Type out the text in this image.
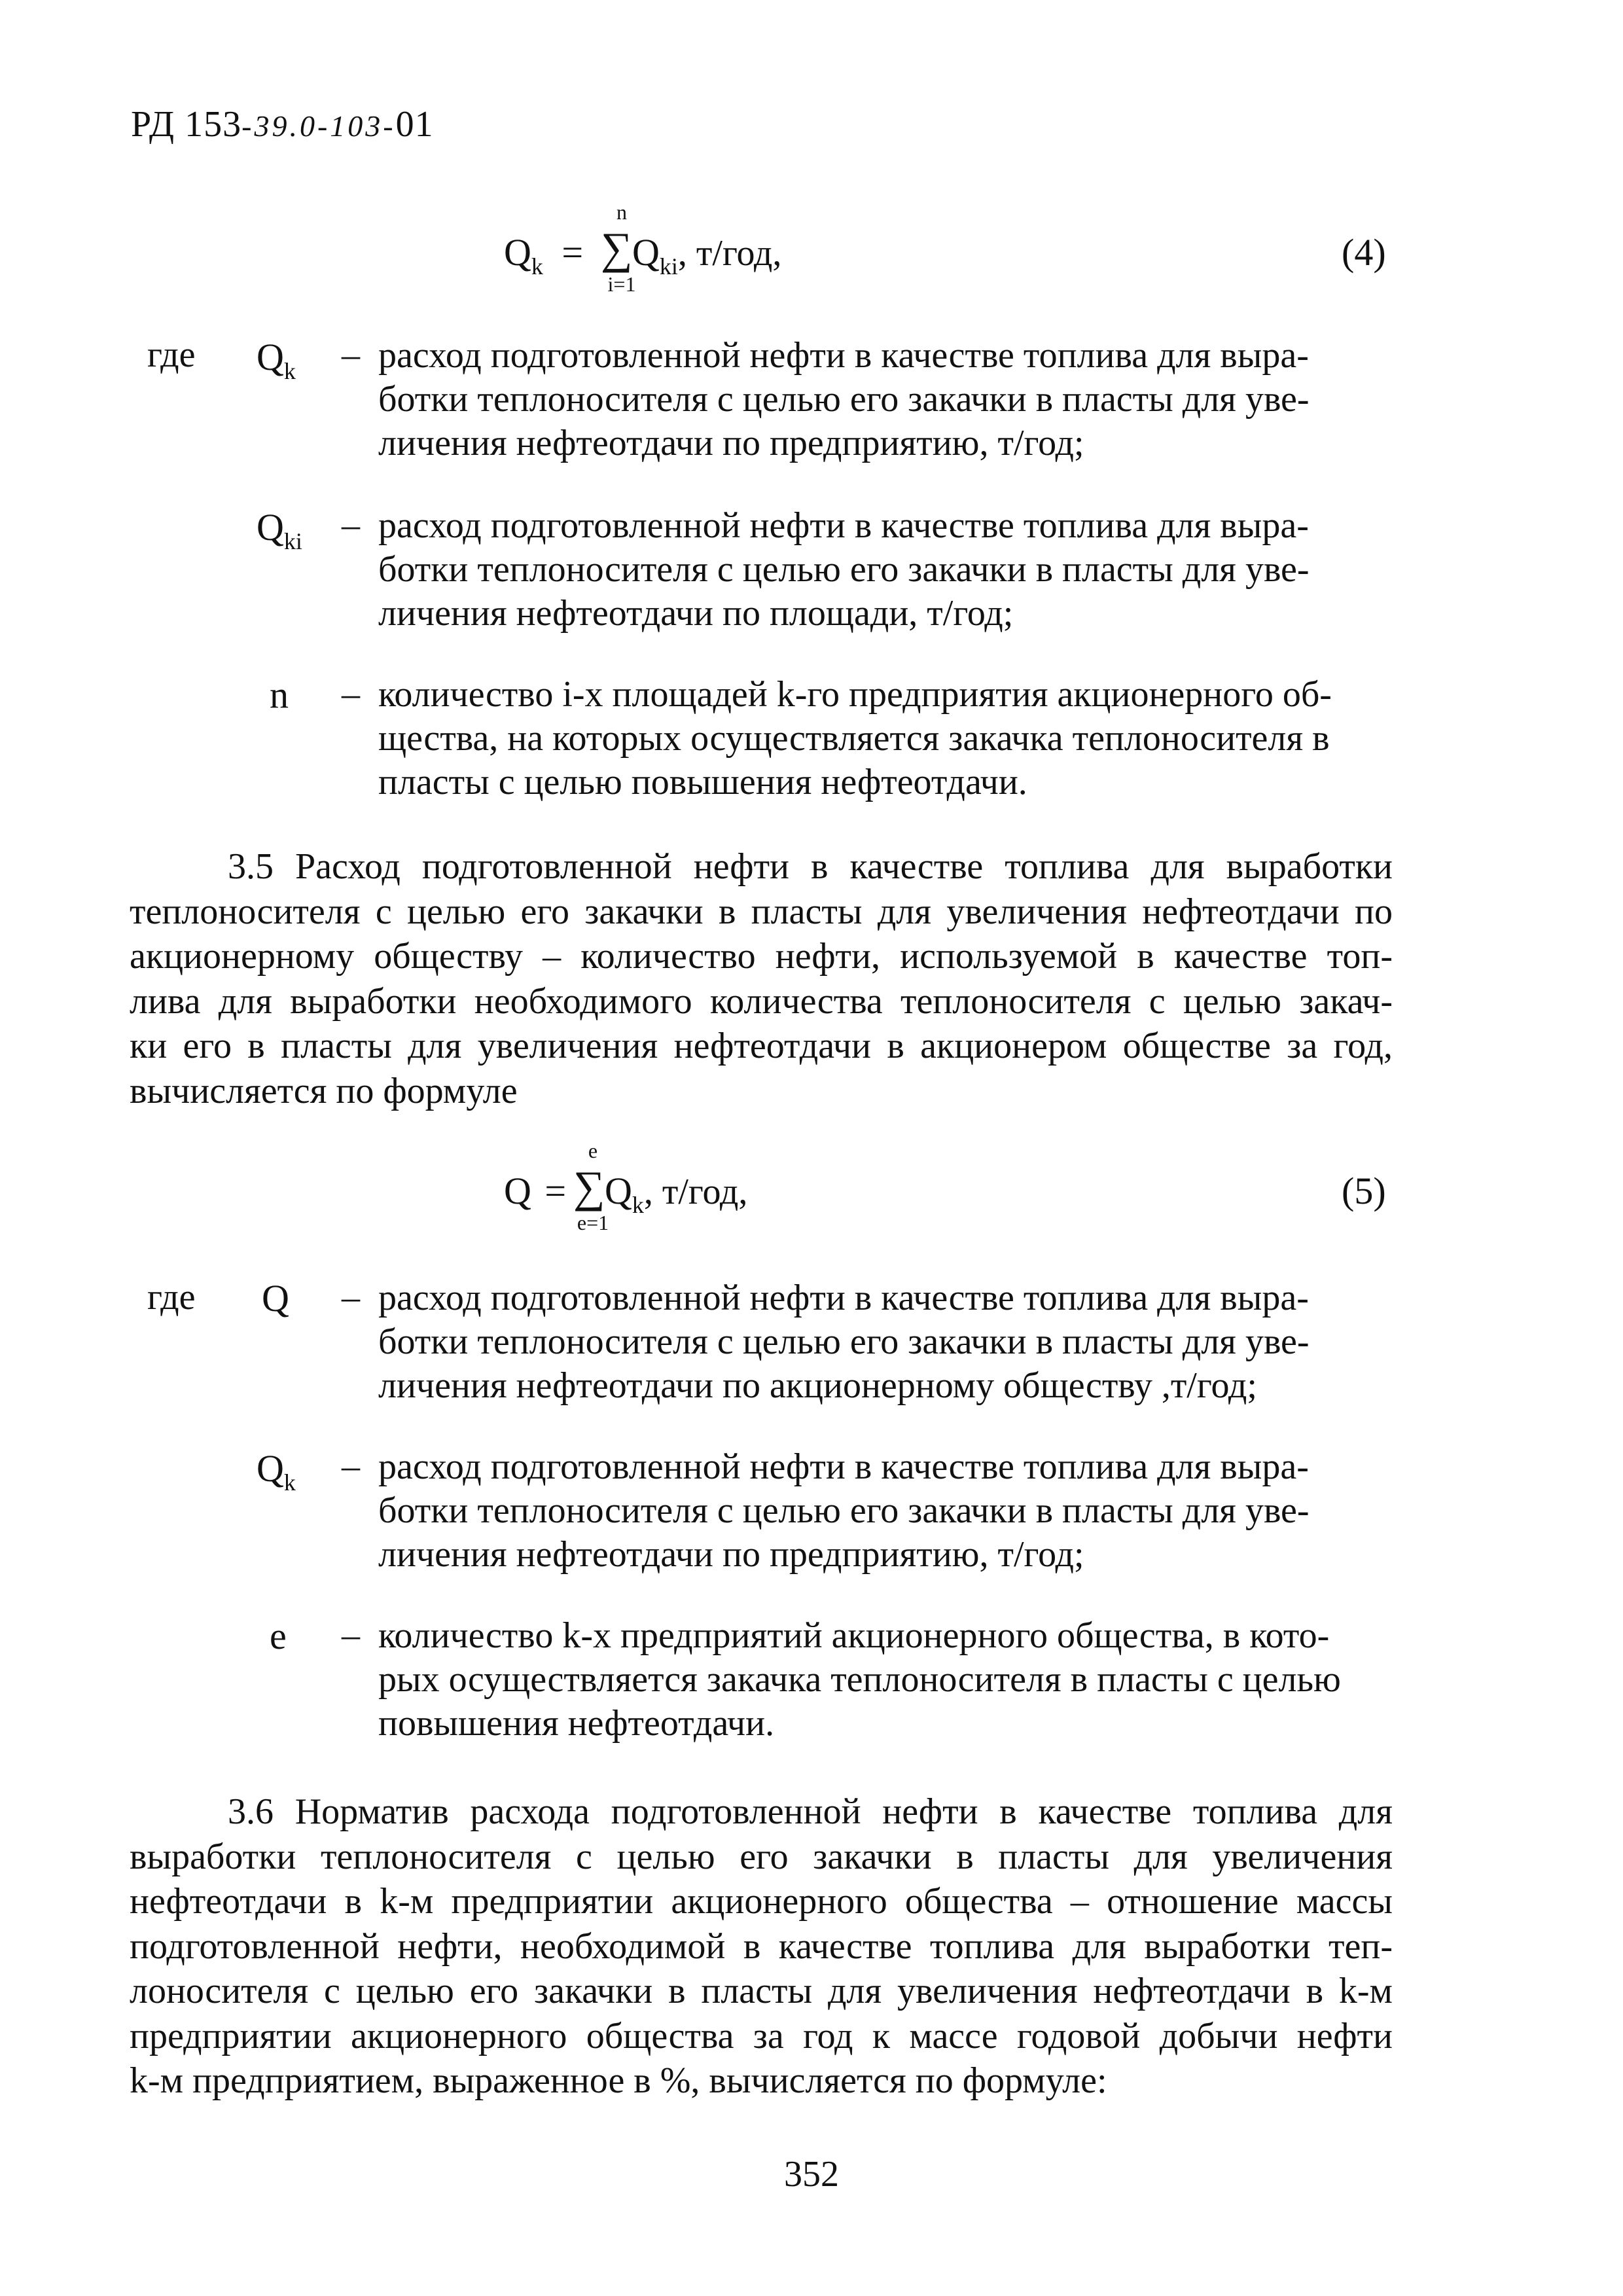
РД 153-39.0-103-01
$Q_k$ =
n
∑
i=1
$Q_{ki}$, т/год,	(4)
где $Q_k$ – расход подготовленной нефти в качестве топлива для выра-
ботки теплоносителя с целью его закачки в пласты для уве-
личения нефтеотдачи по предприятию, т/год;
$Q_{ki}$ – расход подготовленной нефти в качестве топлива для выра-
ботки теплоносителя с целью его закачки в пласты для уве-
личения нефтеотдачи по площади, т/год;
n – количество i-х площадей k-го предприятия акционерного об-
щества, на которых осуществляется закачка теплоносителя в
пласты с целью повышения нефтеотдачи.
3.5 Расход подготовленной нефти в качестве топлива для выработки
теплоносителя с целью его закачки в пласты для увеличения нефтеотдачи по
акционерному обществу – количество нефти, используемой в качестве топ-
лива для выработки необходимого количества теплоносителя с целью закач-
ки его в пласты для увеличения нефтеотдачи в акционером обществе за год,
вычисляется по формуле
Q =
e
∑
e=1
$Q_k$, т/год,	(5)
где Q – расход подготовленной нефти в качестве топлива для выра-
ботки теплоносителя с целью его закачки в пласты для уве-
личения нефтеотдачи по акционерному обществу ,т/год;
$Q_k$ – расход подготовленной нефти в качестве топлива для выра-
ботки теплоносителя с целью его закачки в пласты для уве-
личения нефтеотдачи по предприятию, т/год;
e – количество k-х предприятий акционерного общества, в кото-
рых осуществляется закачка теплоносителя в пласты с целью
повышения нефтеотдачи.
3.6 Норматив расхода подготовленной нефти в качестве топлива для
выработки теплоносителя с целью его закачки в пласты для увеличения
нефтеотдачи в k-м предприятии акционерного общества – отношение массы
подготовленной нефти, необходимой в качестве топлива для выработки теп-
лоносителя с целью его закачки в пласты для увеличения нефтеотдачи в k-м
предприятии акционерного общества за год к массе годовой добычи нефти
k-м предприятием, выраженное в %, вычисляется по формуле:
352
